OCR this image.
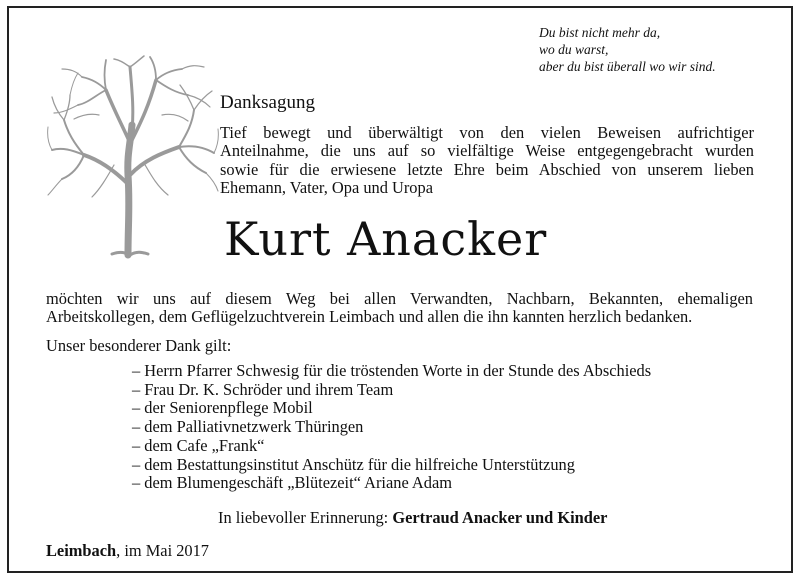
Du bist nicht mehr da,
wo du warst,
aber du bist überall wo wir sind.
Danksagung
Tief bewegt und überwältigt von den vielen Beweisen aufrichtiger
Anteilnahme, die uns auf so vielfältige Weise entgegengebracht wurden
sowie für die erwiesene letzte Ehre beim Abschied von unserem lieben
Ehemann, Vater, Opa und Uropa
Kurt Anacker
möchten wir uns auf diesem Weg bei allen Verwandten, Nachbarn, Bekannten, ehemaligen
Arbeitskollegen, dem Geflügelzuchtverein Leimbach und allen die ihn kannten herzlich bedanken.
Unser besonderer Dank gilt:
– Herrn Pfarrer Schwesig für die tröstenden Worte in der Stunde des Abschieds
– Frau Dr. K. Schröder und ihrem Team
– der Seniorenpflege Mobil
– dem Palliativnetzwerk Thüringen
– dem Cafe „Frank“
– dem Bestattungsinstitut Anschütz für die hilfreiche Unterstützung
– dem Blumengeschäft „Blütezeit“ Ariane Adam
In liebevoller Erinnerung: Gertraud Anacker und Kinder
Leimbach, im Mai 2017
